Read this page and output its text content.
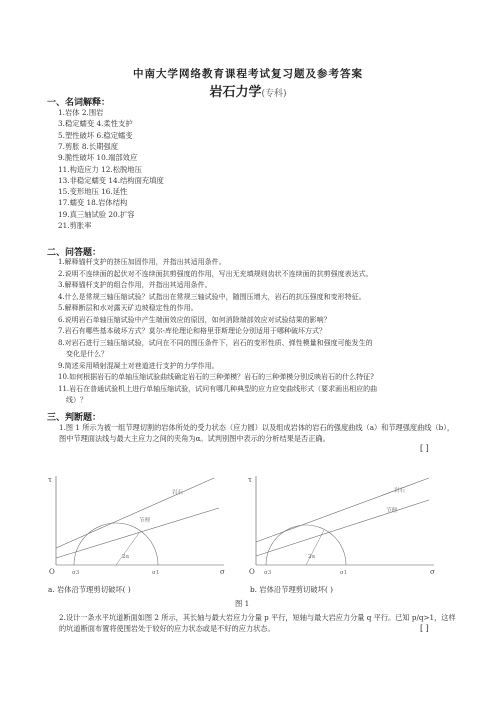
中南大学网络教育课程考试复习题及参考答案
岩石力学(专科)
一、名词解释：
1.岩体 2.围岩
3.稳定蠕变 4.柔性支护
5.塑性破坏 6.稳定蠕变
7.剪胀 8.长期强度
9.脆性破坏 10.端部效应
11.构造应力 12.松脱地压
13.非稳定蠕变 14.结构面充填度
15.变形地压 16.延性
17.蠕变 18.岩体结构
19.真三轴试验 20.扩容
21.剪胀率
二、问答题：
1.解释锚杆支护的挤压加固作用，并指出其适用条件。
2.说明不连续面的起伏对不连续面抗剪强度的作用，写出无充填规则齿状不连续面的抗剪强度表达式。
3.解释锚杆支护的组合作用，并指出其适用条件。
4.什么是常规三轴压缩试验？试指出在常规三轴试验中，随围压增大，岩石的抗压强度和变形特征。
5.解释断层和水对露天矿边坡稳定性的作用。
6.说明岩石单轴压缩试验中产生端面效应的原因，如何消除端部效应对试验结果的影响？
7.岩石有哪些基本破坏方式？莫尔-库伦理论和格里菲斯理论分别适用于哪种破坏方式？
8.对岩石进行三轴压缩试验，试问在不同的围压条件下，岩石的变形性质、弹性模量和强度可能发生的
变化是什么？
9.简述采用喷射混凝土对巷道进行支护的力学作用。
10.如何根据岩石的单轴压缩试验曲线确定岩石的三种弹模？岩石的三种弹模分别反映岩石的什么特征?
11.岩石在普通试验机上进行单轴压缩试验，试问有哪几种典型的应力应变曲线形式（要求画出相应的曲
线）？
三、判断题：
1.图 1 所示为被一组节理切割的岩体所处的受力状态（应力圆）以及组成岩体的岩石的强度曲线（a）和节理强度曲线（b），图中节理面法线与最大主应力之间的夹角为α。试判别图中表示的分析结果是否正确。
[ ]
τ
σ
O	σ3	σ1
岩石
节理
2α
τ
σ
O σ3	σ1
岩石
节理
2α
a. 岩体沿节理剪切破坏( )	b. 岩体沿节理剪切破坏( )
图 1
2.设计一条水平坑道断面如图 2 所示，其长轴与最大岩应力分量 p 平行，短轴与最大岩应力分量 q 平行。已知 p/q>1，这样的坑道断面布置将使围岩处于较好的应力状态或是不好的应力状态。	[ ]
